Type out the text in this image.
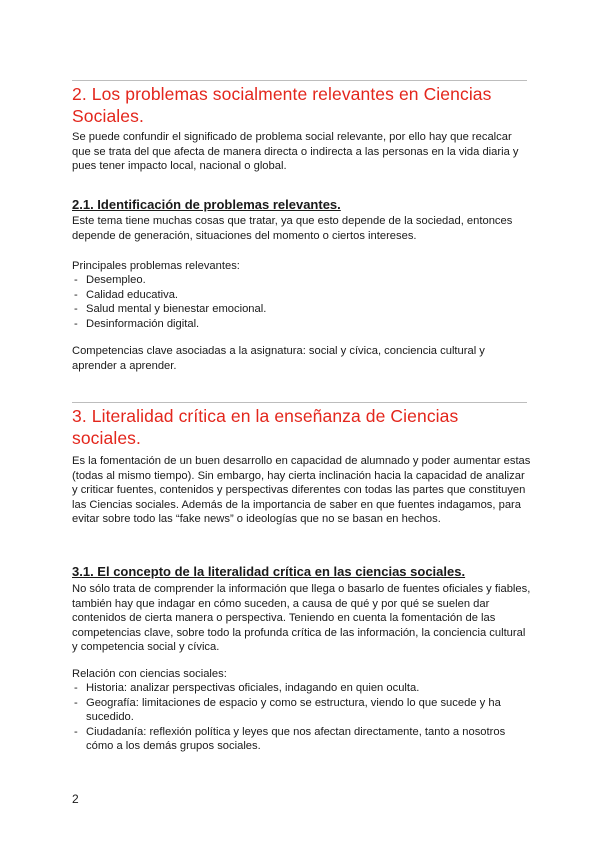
2. Los problemas socialmente relevantes en Ciencias Sociales.

Se puede confundir el significado de problema social relevante, por ello hay que recalcar que se trata del que afecta de manera directa o indirecta a las personas en la vida diaria y pues tener impacto local, nacional o global.

2.1. Identificación de problemas relevantes.

Este tema tiene muchas cosas que tratar, ya que esto depende de la sociedad, entonces depende de generación, situaciones del momento o ciertos intereses.

Principales problemas relevantes:

- Desempleo.
- Calidad educativa.
- Salud mental y bienestar emocional.
- Desinformación digital.

Competencias clave asociadas a la asignatura: social y cívica, conciencia cultural y aprender a aprender.

3. Literalidad crítica en la enseñanza de Ciencias sociales.

Es la fomentación de un buen desarrollo en capacidad de alumnado y poder aumentar estas (todas al mismo tiempo). Sin embargo, hay cierta inclinación hacia la capacidad de analizar y criticar fuentes, contenidos y perspectivas diferentes con todas las partes que constituyen las Ciencias sociales. Además de la importancia de saber en que fuentes indagamos, para evitar sobre todo las “fake news” o ideologías que no se basan en hechos.

3.1. El concepto de la literalidad crítica en las ciencias sociales.

No sólo trata de comprender la información que llega o basarlo de fuentes oficiales y fiables, también hay que indagar en cómo suceden, a causa de qué y por qué se suelen dar contenidos de cierta manera o perspectiva. Teniendo en cuenta la fomentación de las competencias clave, sobre todo la profunda crítica de las información, la conciencia cultural y competencia social y cívica.

Relación con ciencias sociales:

- Historia: analizar perspectivas oficiales, indagando en quien oculta.
- Geografía: limitaciones de espacio y como se estructura, viendo lo que sucede y ha sucedido.
- Ciudadanía: reflexión política y leyes que nos afectan directamente, tanto a nosotros cómo a los demás grupos sociales.
2
